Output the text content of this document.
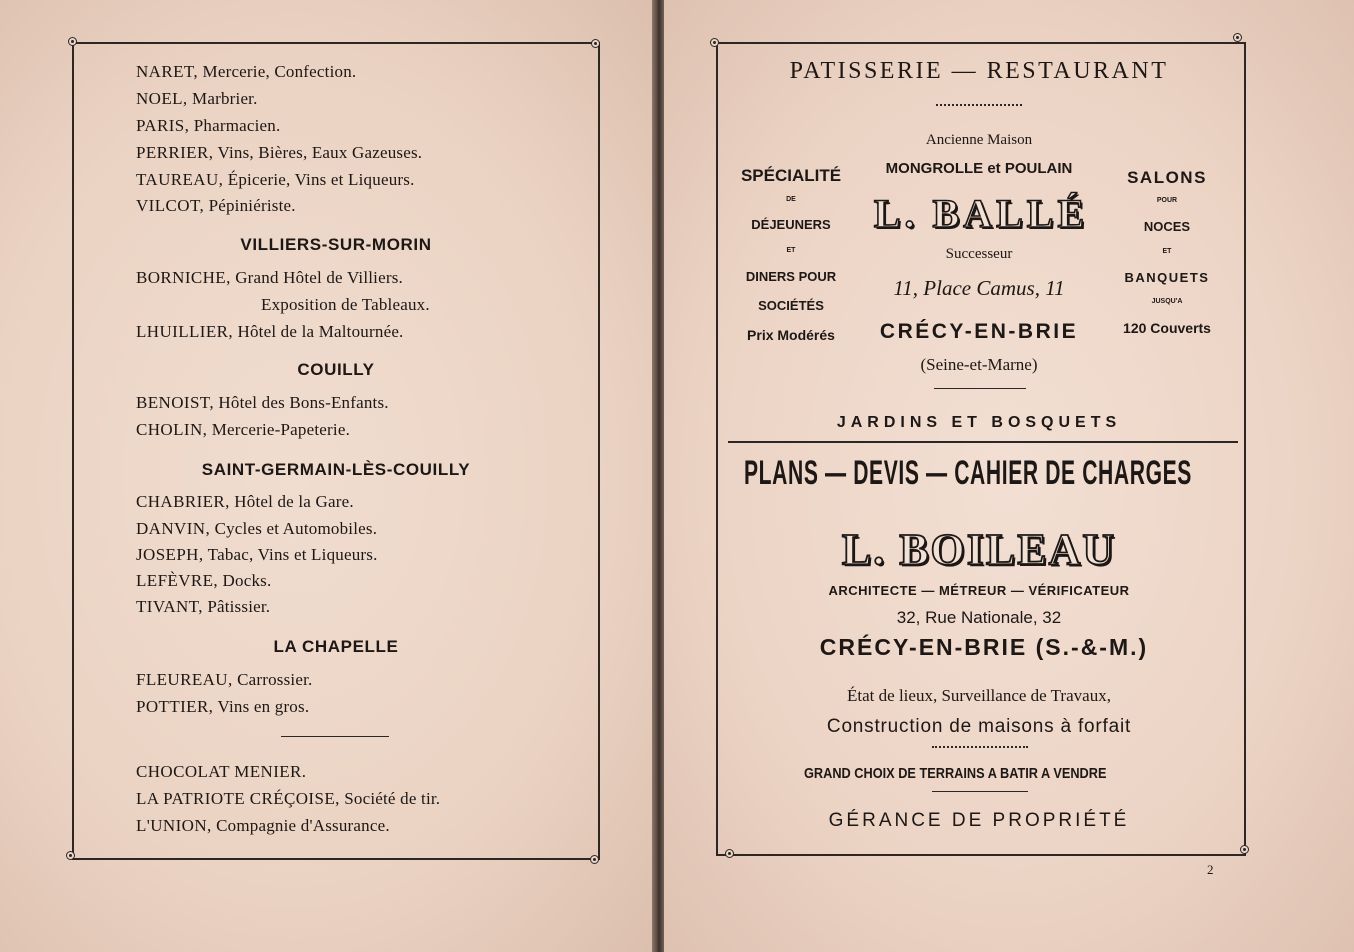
NARET, Mercerie, Confection.
NOEL, Marbrier.
PARIS, Pharmacien.
PERRIER, Vins, Bières, Eaux Gazeuses.
TAUREAU, Épicerie, Vins et Liqueurs.
VILCOT, Pépiniériste.
VILLIERS-SUR-MORIN
BORNICHE, Grand Hôtel de Villiers.
Exposition de Tableaux.
LHUILLIER, Hôtel de la Maltournée.
COUILLY
BENOIST, Hôtel des Bons-Enfants.
CHOLIN, Mercerie-Papeterie.
SAINT-GERMAIN-LÈS-COUILLY
CHABRIER, Hôtel de la Gare.
DANVIN, Cycles et Automobiles.
JOSEPH, Tabac, Vins et Liqueurs.
LEFÈVRE, Docks.
TIVANT, Pâtissier.
LA CHAPELLE
FLEUREAU, Carrossier.
POTTIER, Vins en gros.
CHOCOLAT MENIER.
LA PATRIOTE CRÉÇOISE, Société de tir.
L'UNION, Compagnie d'Assurance.
PATISSERIE — RESTAURANT
Ancienne Maison
MONGROLLE et POULAIN
SPÉCIALITÉ
DE
DÉJEUNERS
ET
DINERS POUR
SOCIÉTÉS
Prix Modérés
L. BALLÉ
Successeur
11, Place Camus, 11
CRÉCY-EN-BRIE
(Seine-et-Marne)
SALONS
POUR
NOCES
ET
BANQUETS
JUSQU'A
120 Couverts
JARDINS ET BOSQUETS
PLANS — DEVIS — CAHIER DE CHARGES
L. BOILEAU
ARCHITECTE — MÉTREUR — VÉRIFICATEUR
32, Rue Nationale, 32
CRÉCY-EN-BRIE (S.-&-M.)
État de lieux, Surveillance de Travaux,
Construction de maisons à forfait
GRAND CHOIX DE TERRAINS A BATIR A VENDRE
GÉRANCE DE PROPRIÉTÉ
2
